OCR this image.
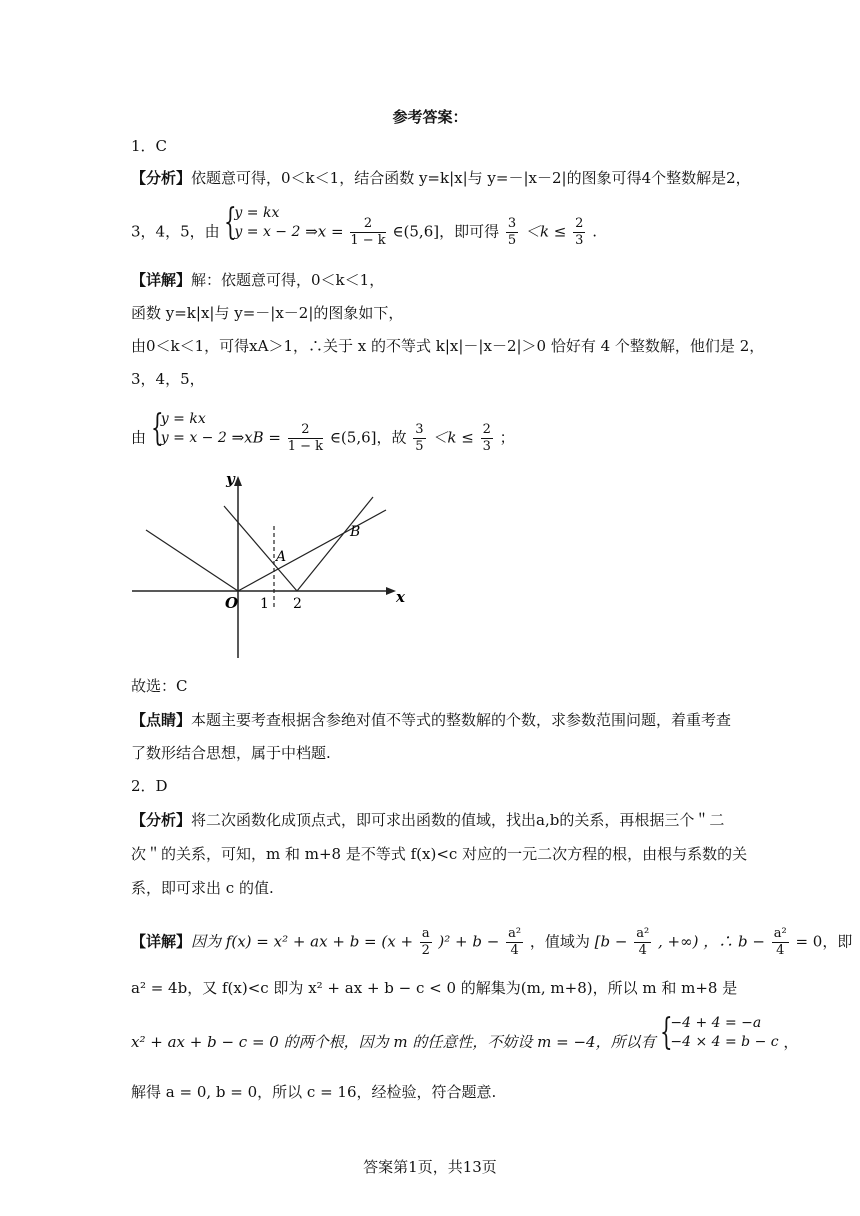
参考答案：
1．C
【分析】依题意可得，0＜k＜1，结合函数 y=k|x|与 y=－|x－2|的图象可得4个整数解是2，
3，4，5，由 {
y = kx
y = x − 2 ⇒x = $\frac{2}{1 - k}$ ∈(5,6]，即可得 $\frac{3}{5} <k \le \frac{2}{3}$ .
【详解】解：依题意可得，0＜k＜1，
函数 y=k|x|与 y=－|x－2|的图象如下，
由0＜k＜1，可得xA＞1，∴关于 x 的不等式 k|x|－|x－2|＞0 恰好有 4 个整数解，他们是 2，
3，4，5，
由 {
y = kx
y = x − 2 ⇒xB = $\frac{2}{1 - k}$ ∈(5,6]，故 $\frac{3}{5} <k \le \frac{2}{3}$ ；
y
x
O 1 2
A
B
故选：C
【点睛】本题主要考查根据含参绝对值不等式的整数解的个数，求参数范围问题，着重考查
了数形结合思想，属于中档题.
2．D
【分析】将二次函数化成顶点式，即可求出函数的值域，找出a,b的关系，再根据三个＂二
次＂的关系，可知，m 和 m+8 是不等式 f(x)<c 对应的一元二次方程的根，由根与系数的关
系，即可求出 c 的值.
【详解】因为 f(x) = x² + ax + $b = (x + \frac{a}{2} )^2 + b - \frac{\text{a²}}{4}$ ，值域为 [$b - \frac{\text{a²}}{4}$ , +∞) ，∴ $b - \frac{\text{a²}}{4} = 0$，即
a² = 4b，又 f(x)<c 即为 x² + ax + b − c < 0 的解集为(m, m+8)，所以 m 和 m+8 是
x² + ax + b − c = 0 的两个根，因为 m 的任意性，不妨设 m = −4，所以有 {
−4 + 4 = −a
−4 × 4 = b − c ，
解得 a = 0, b = 0，所以 c = 16，经检验，符合题意.
答案第1页，共13页
